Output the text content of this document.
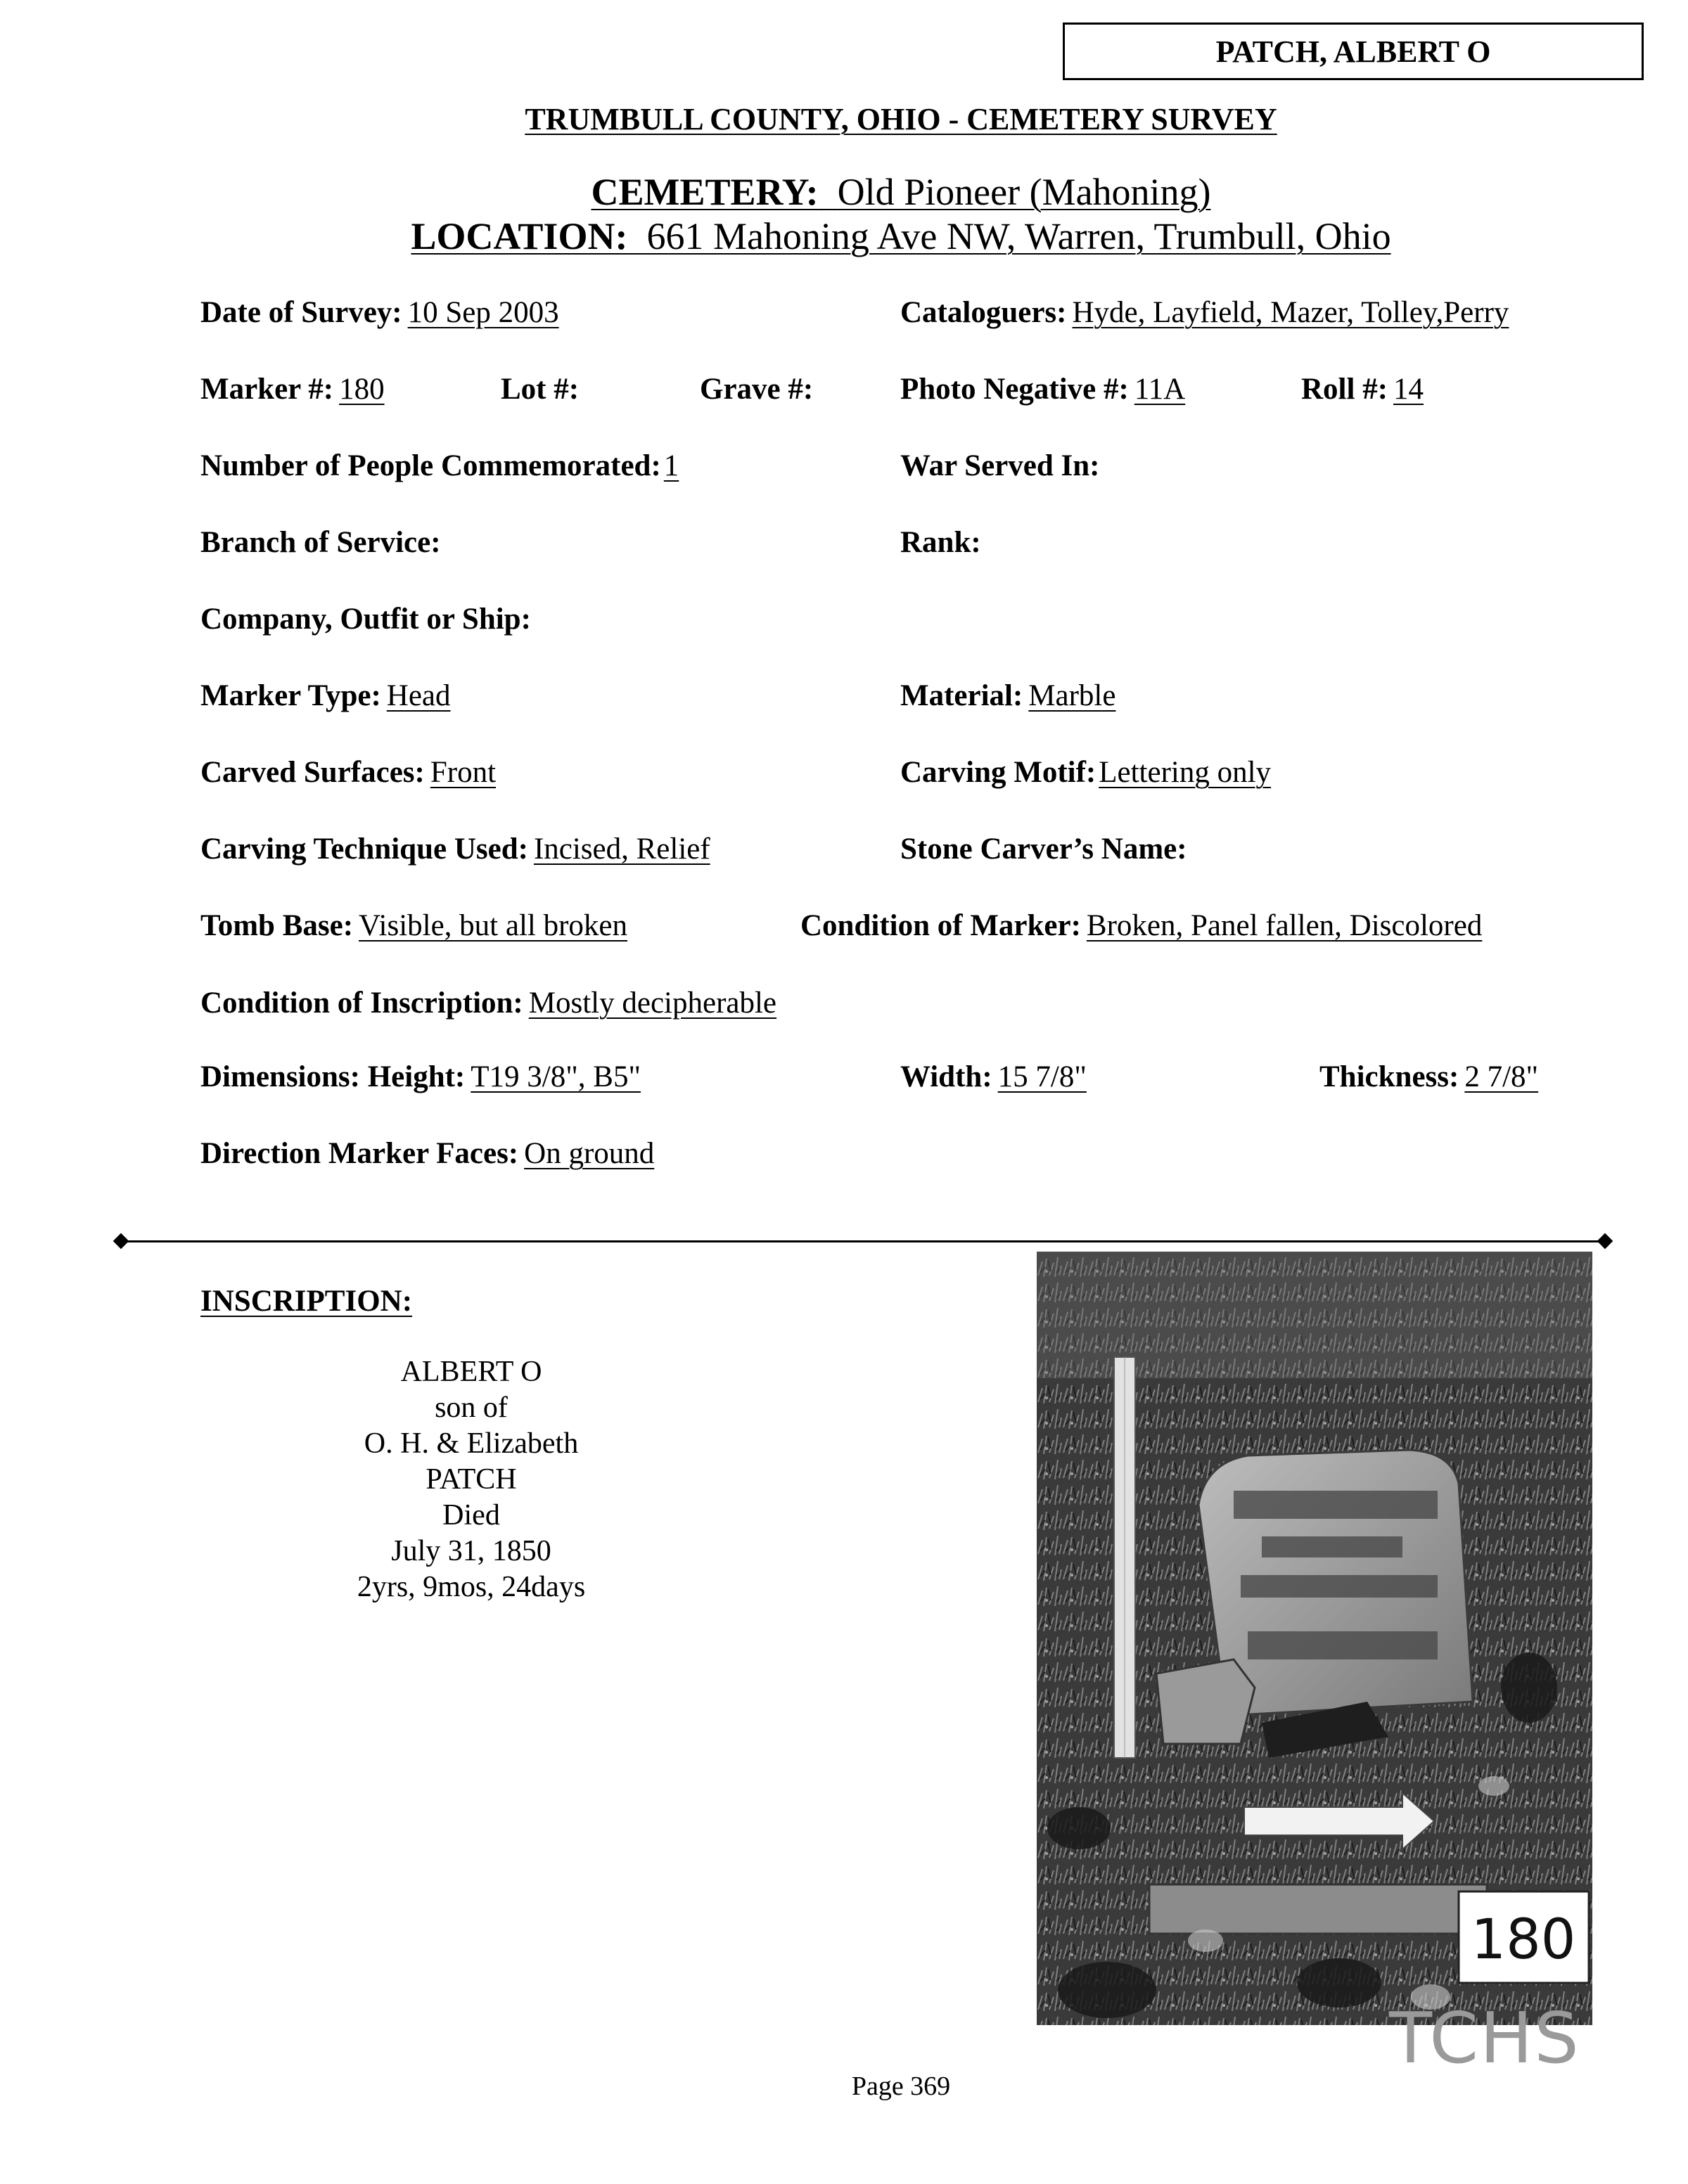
PATCH, ALBERT O
TRUMBULL COUNTY, OHIO - CEMETERY SURVEY
CEMETERY: Old Pioneer (Mahoning)
LOCATION: 661 Mahoning Ave NW, Warren, Trumbull, Ohio
Date of Survey: 10 Sep 2003	Cataloguers: Hyde, Layfield, Mazer, Tolley,Perry
Marker #: 180	Lot #:	Grave #:	Photo Negative #: 11A	Roll #: 14
Number of People Commemorated: 1	War Served In:
Branch of Service:	Rank:
Company, Outfit or Ship:
Marker Type: Head	Material: Marble
Carved Surfaces: Front	Carving Motif: Lettering only
Carving Technique Used: Incised, Relief	Stone Carver’s Name:
Tomb Base: Visible, but all broken	Condition of Marker: Broken, Panel fallen, Discolored
Condition of Inscription: Mostly decipherable
Dimensions: Height: T19 3/8", B5"	Width: 15 7/8"	Thickness: 2 7/8"
Direction Marker Faces: On ground
INSCRIPTION:
ALBERT O
son of
O. H. & Elizabeth
PATCH
Died
July 31, 1850
2yrs, 9mos, 24days
180
TCHS
Page 369
